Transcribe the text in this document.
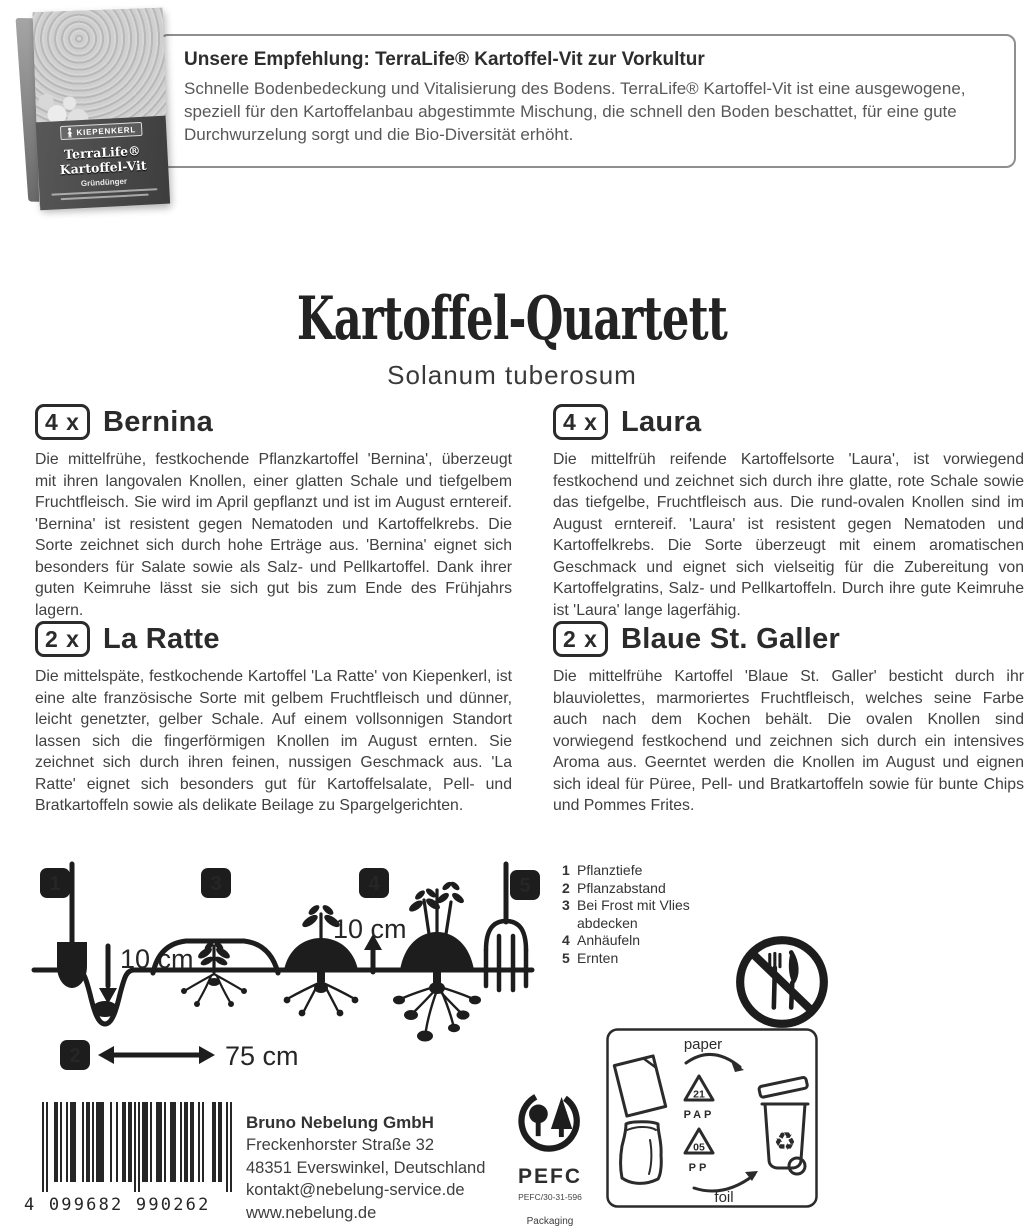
Unsere Empfehlung: TerraLife® Kartoffel-Vit zur Vorkultur

Schnelle Bodenbedeckung und Vitalisierung des Bodens. TerraLife® Kartoffel-Vit ist eine ausgewogene, speziell für den Kartoffelanbau abgestimmte Mischung, die schnell den Boden beschattet, für eine gute Durchwurzelung sorgt und die Bio-Diversität erhöht.

KIEPENKERL
TerraLife® Kartoffel-Vit
Gründünger
Kartoffel-Quartett
Solanum tuberosum
4 x Bernina

Die mittelfrühe, festkochende Pflanzkartoffel 'Bernina', überzeugt mit ihren langovalen Knollen, einer glatten Schale und tiefgelbem Fruchtfleisch. Sie wird im April gepflanzt und ist im August erntereif. 'Bernina' ist resistent gegen Nematoden und Kartoffelkrebs. Die Sorte zeichnet sich durch hohe Erträge aus. 'Bernina' eignet sich besonders für Salate sowie als Salz- und Pellkartoffel. Dank ihrer guten Keimruhe lässt sie sich gut bis zum Ende des Frühjahrs lagern.

4 x Laura

Die mittelfrüh reifende Kartoffelsorte 'Laura', ist vorwiegend festkochend und zeichnet sich durch ihre glatte, rote Schale sowie das tiefgelbe, Fruchtfleisch aus. Die rund-ovalen Knollen sind im August erntereif. 'Laura' ist resistent gegen Nematoden und Kartoffelkrebs. Die Sorte überzeugt mit einem aromatischen Geschmack und eignet sich vielseitig für die Zubereitung von Kartoffelgratins, Salz- und Pellkartoffeln. Durch ihre gute Keimruhe ist 'Laura' lange lagerfähig.

2 x La Ratte

Die mittelspäte, festkochende Kartoffel 'La Ratte' von Kiepenkerl, ist eine alte französische Sorte mit gelbem Fruchtfleisch und dünner, leicht genetzter, gelber Schale. Auf einem vollsonnigen Standort lassen sich die fingerförmigen Knollen im August ernten. Sie zeichnet sich durch ihren feinen, nussigen Geschmack aus. 'La Ratte' eignet sich besonders gut für Kartoffelsalate, Pell- und Bratkartoffeln sowie als delikate Beilage zu Spargelgerichten.

2 x Blaue St. Galler

Die mittelfrühe Kartoffel 'Blaue St. Galler' besticht durch ihr blauviolettes, marmoriertes Fruchtfleisch, welches seine Farbe auch nach dem Kochen behält. Die ovalen Knollen sind vorwiegend festkochend und zeichnen sich durch ein intensives Aroma aus. Geerntet werden die Knollen im August und eignen sich ideal für Püree, Pell- und Bratkartoffeln sowie für bunte Chips und Pommes Frites.

10 cm
10 cm
75 cm
1
2
3	4	5
1 Pflanztiefe
2 Pflanzabstand
3 Bei Frost mit Vlies abdecken
4 Anhäufeln
5 Ernten
4 099682 990262
Bruno Nebelung GmbH
Freckenhorster Straße 32
48351 Everswinkel, Deutschland
kontakt@nebelung-service.de
www.nebelung.de
PEFC
PEFC/30-31-596
Packaging
paper
21
PAP
05
PP
♻
foil
